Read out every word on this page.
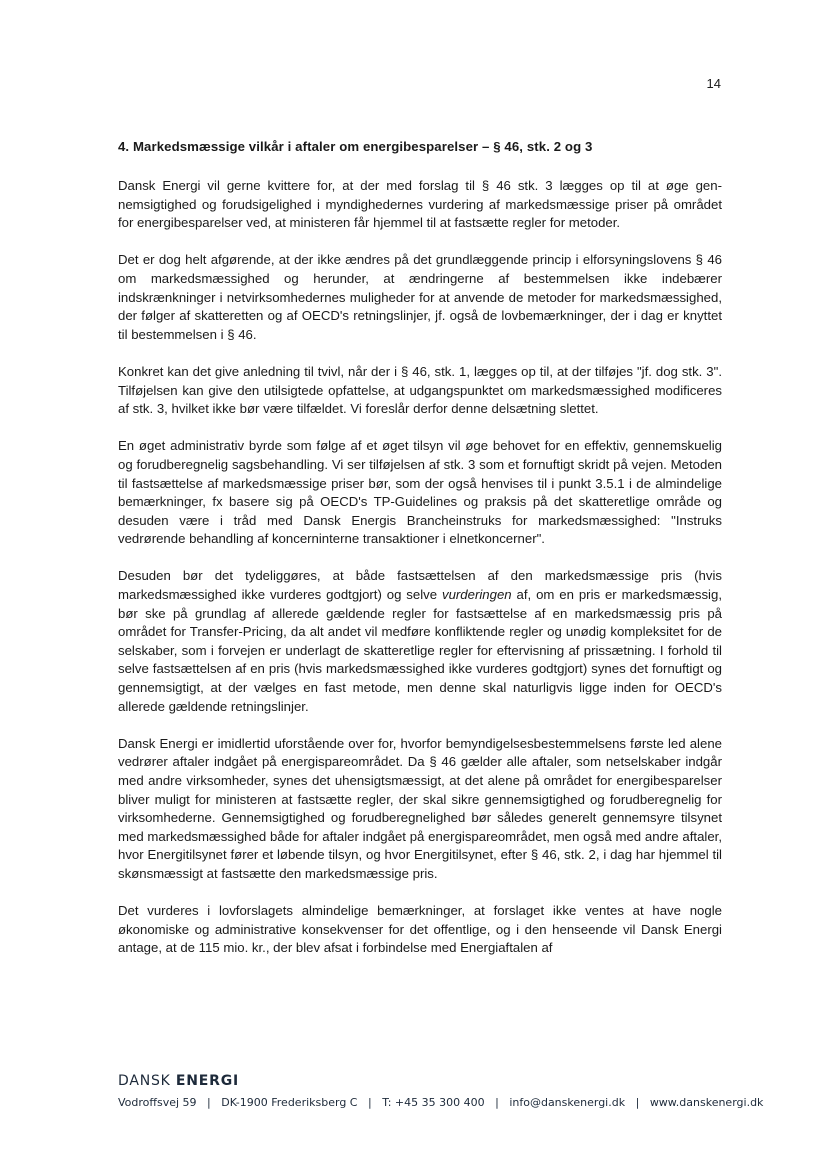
14
4. Markedsmæssige vilkår i aftaler om energibesparelser – § 46, stk. 2 og 3

Dansk Energi vil gerne kvittere for, at der med forslag til § 46 stk. 3 lægges op til at øge gennemsigtighed og forudsigelighed i myndighedernes vurdering af markedsmæssige priser på området for energibesparelser ved, at ministeren får hjemmel til at fastsætte regler for metoder.

Det er dog helt afgørende, at der ikke ændres på det grundlæggende princip i elforsyningslovens § 46 om markedsmæssighed og herunder, at ændringerne af bestemmelsen ikke indebærer indskrænkninger i netvirksomhedernes muligheder for at anvende de metoder for markedsmæssighed, der følger af skatteretten og af OECD's retningslinjer, jf. også de lovbemærkninger, der i dag er knyttet til bestemmelsen i § 46.

Konkret kan det give anledning til tvivl, når der i § 46, stk. 1, lægges op til, at der tilføjes "jf. dog stk. 3". Tilføjelsen kan give den utilsigtede opfattelse, at udgangspunktet om markedsmæssighed modificeres af stk. 3, hvilket ikke bør være tilfældet. Vi foreslår derfor denne delsætning slettet.

En øget administrativ byrde som følge af et øget tilsyn vil øge behovet for en effektiv, gennemskuelig og forudberegnelig sagsbehandling. Vi ser tilføjelsen af stk. 3 som et fornuftigt skridt på vejen. Metoden til fastsættelse af markedsmæssige priser bør, som der også henvises til i punkt 3.5.1 i de almindelige bemærkninger, fx basere sig på OECD's TP-Guidelines og praksis på det skatteretlige område og desuden være i tråd med Dansk Energis Brancheinstruks for markedsmæssighed: "Instruks vedrørende behandling af koncerninterne transaktioner i elnetkoncerner".

Desuden bør det tydeliggøres, at både fastsættelsen af den markedsmæssige pris (hvis markedsmæssighed ikke vurderes godtgjort) og selve vurderingen af, om en pris er markedsmæssig, bør ske på grundlag af allerede gældende regler for fastsættelse af en markedsmæssig pris på området for Transfer-Pricing, da alt andet vil medføre konfliktende regler og unødig kompleksitet for de selskaber, som i forvejen er underlagt de skatteretlige regler for eftervisning af prissætning. I forhold til selve fastsættelsen af en pris (hvis markedsmæssighed ikke vurderes godtgjort) synes det fornuftigt og gennemsigtigt, at der vælges en fast metode, men denne skal naturligvis ligge inden for OECD's allerede gældende retningslinjer.

Dansk Energi er imidlertid uforstående over for, hvorfor bemyndigelsesbestemmelsens første led alene vedrører aftaler indgået på energispareområdet. Da § 46 gælder alle aftaler, som netselskaber indgår med andre virksomheder, synes det uhensigtsmæssigt, at det alene på området for energibesparelser bliver muligt for ministeren at fastsætte regler, der skal sikre gennemsigtighed og forudberegnelig for virksomhederne. Gennemsigtighed og forudberegnelighed bør således generelt gennemsyre tilsynet med markedsmæssighed både for aftaler indgået på energispareområdet, men også med andre aftaler, hvor Energitilsynet fører et løbende tilsyn, og hvor Energitilsynet, efter § 46, stk. 2, i dag har hjemmel til skønsmæssigt at fastsætte den markedsmæssige pris.

Det vurderes i lovforslagets almindelige bemærkninger, at forslaget ikke ventes at have nogle økonomiske og administrative konsekvenser for det offentlige, og i den henseende vil Dansk Energi antage, at de 115 mio. kr., der blev afsat i forbindelse med Energiaftalen af

DANSK ENERGI
Vodroffsvej 59 | DK-1900 Frederiksberg C | T: +45 35 300 400 | info@danskenergi.dk | www.danskenergi.dk
